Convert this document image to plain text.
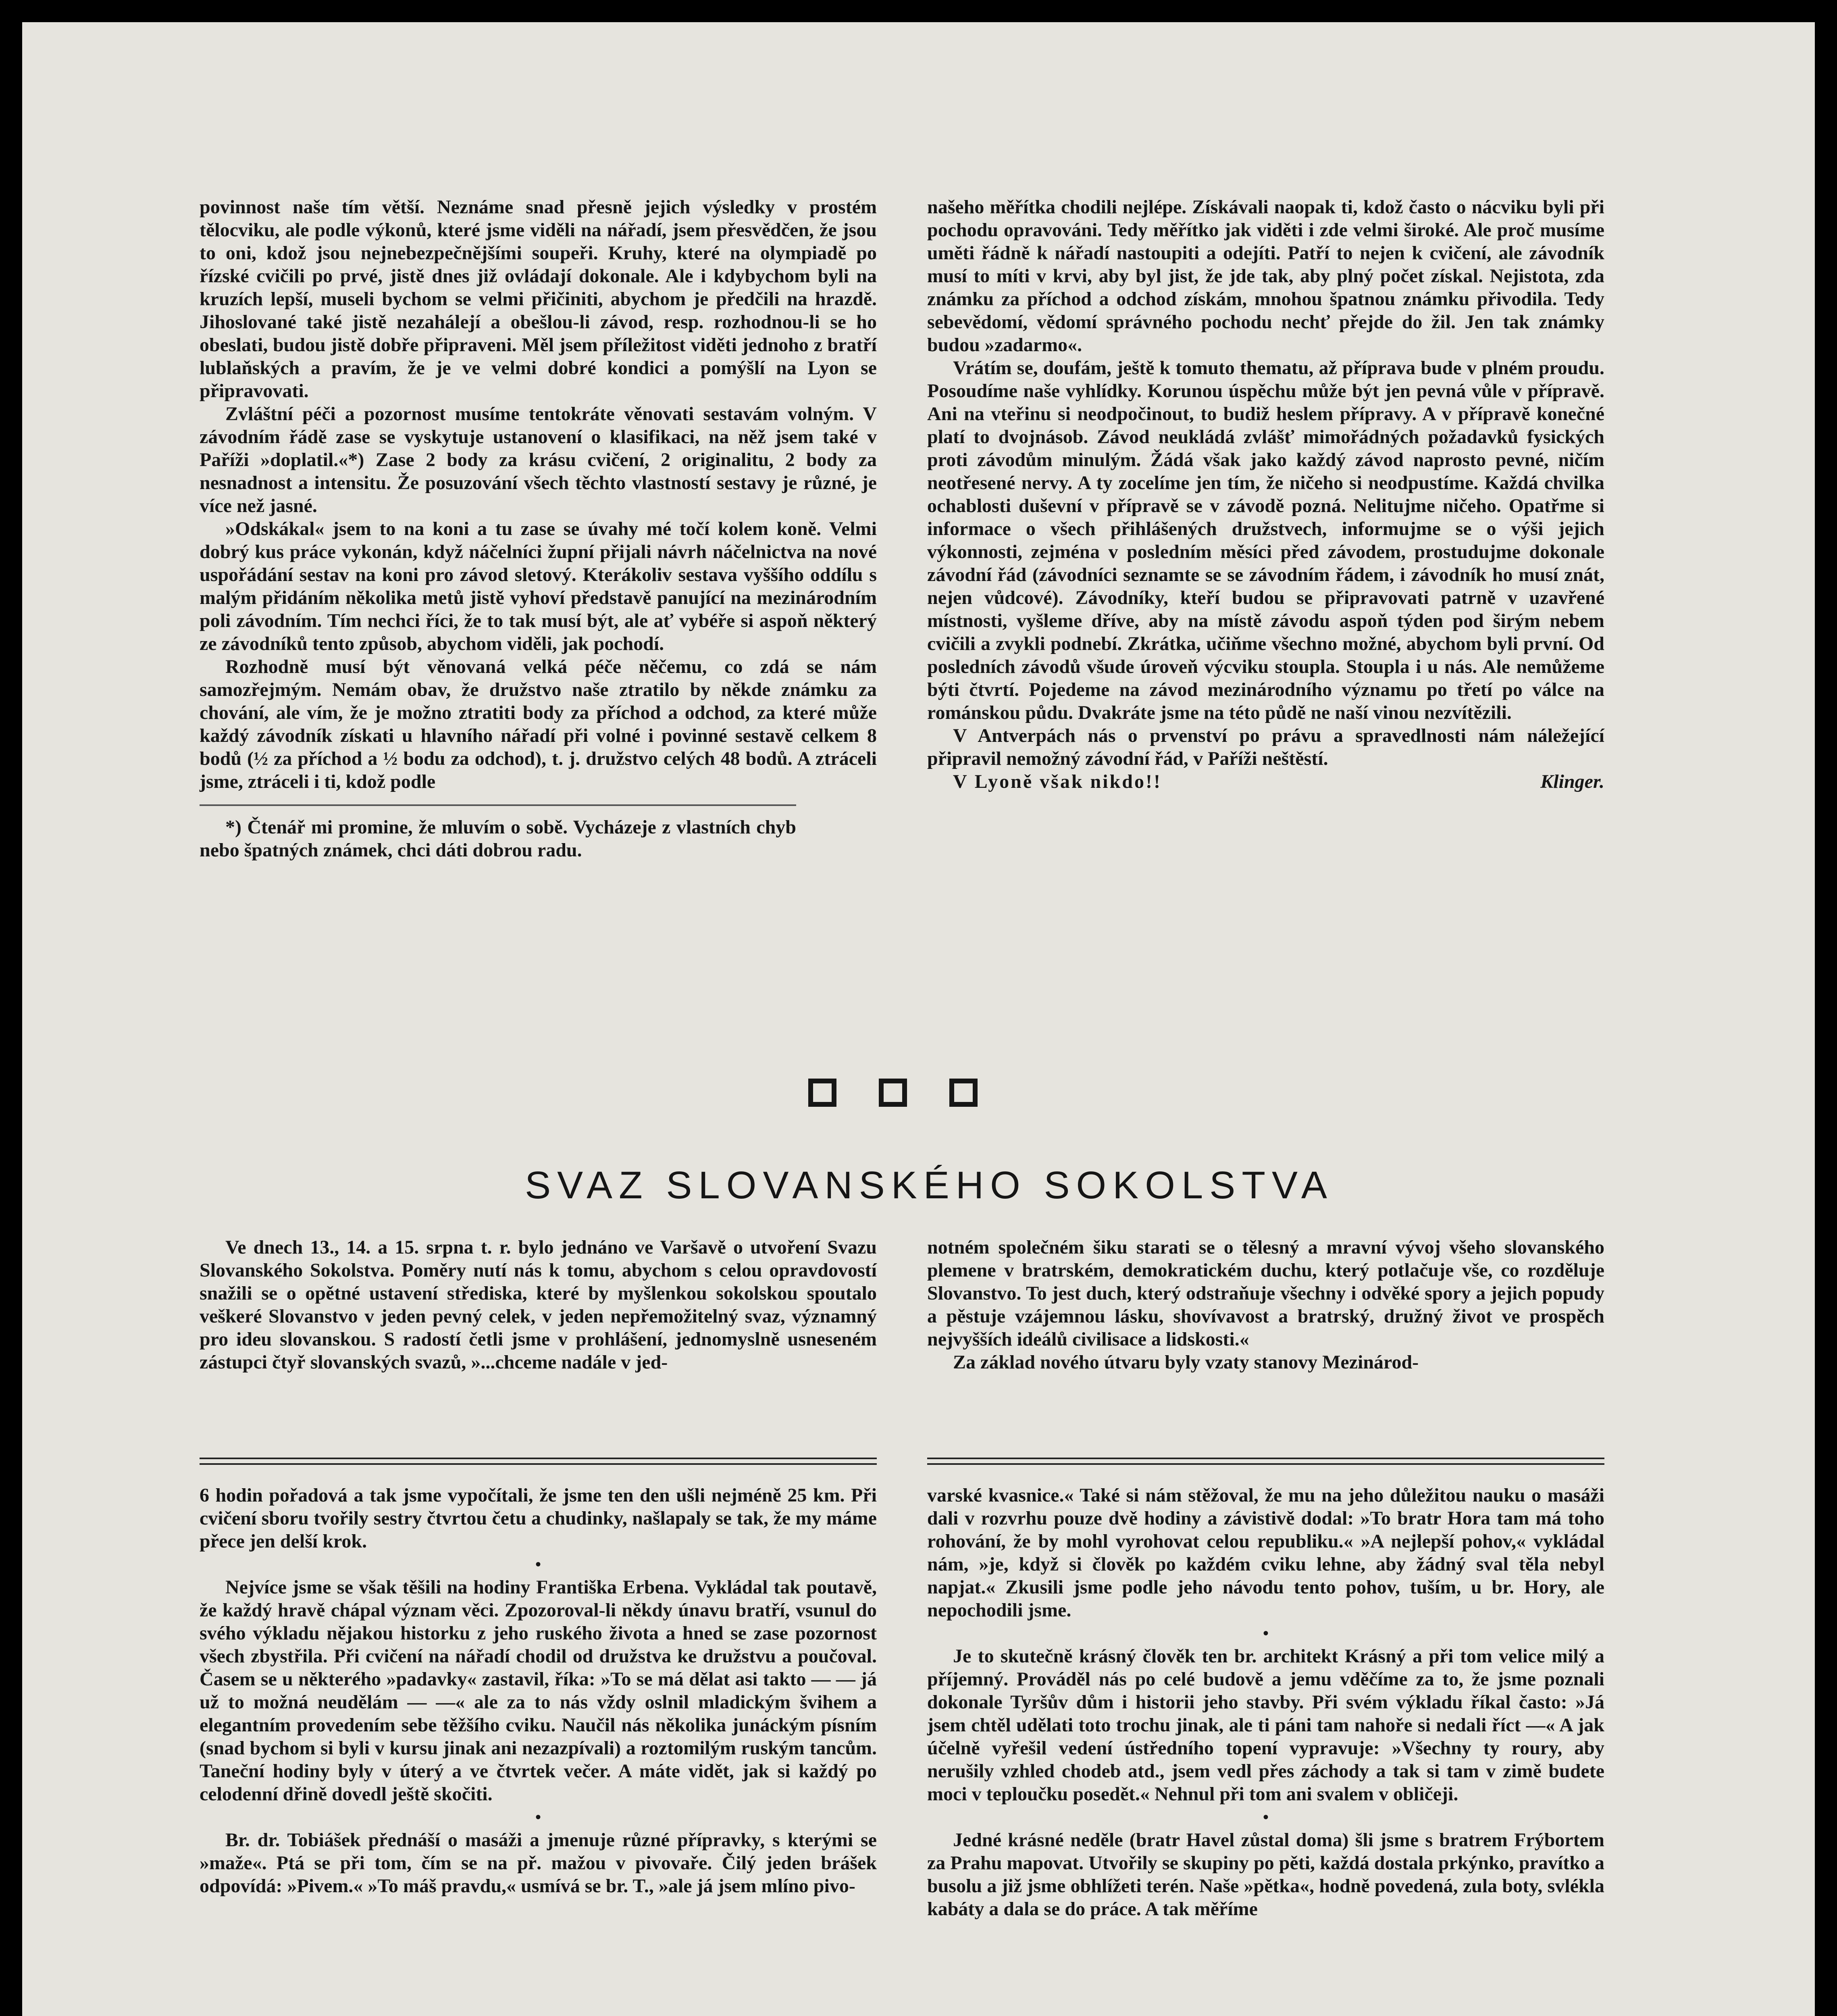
povinnost naše tím větší. Neznáme snad přesně jejich výsledky v prostém tělocviku, ale podle výkonů, které jsme viděli na nářadí, jsem přesvědčen, že jsou to oni, kdož jsou nejnebezpečnějšími soupeři. Kruhy, které na olympiadě po řízské cvičili po prvé, jistě dnes již ovládají dokonale. Ale i kdybychom byli na kruzích lepší, museli bychom se velmi přičiniti, abychom je předčili na hrazdě. Jihoslované také jistě nezahálejí a obešlou-li závod, resp. rozhodnou-li se ho obeslati, budou jistě dobře připraveni. Měl jsem příležitost viděti jednoho z bratří lublaňských a pravím, že je ve velmi dobré kondici a pomýšlí na Lyon se připravovati.

Zvláštní péči a pozornost musíme tentokráte věnovati sestavám volným. V závodním řádě zase se vyskytuje ustanovení o klasifikaci, na něž jsem také v Paříži »doplatil.«*) Zase 2 body za krásu cvičení, 2 originalitu, 2 body za nesnadnost a intensitu. Že posuzování všech těchto vlastností sestavy je různé, je více než jasné.

»Odskákal« jsem to na koni a tu zase se úvahy mé točí kolem koně. Velmi dobrý kus práce vykonán, když náčelníci župní přijali návrh náčelnictva na nové uspořádání sestav na koni pro závod sletový. Kterákoliv sestava vyššího oddílu s malým přidáním několika metů jistě vyhoví představě panující na mezinárodním poli závodním. Tím nechci říci, že to tak musí být, ale ať vybéře si aspoň některý ze závodníků tento způsob, abychom viděli, jak pochodí.

Rozhodně musí být věnovaná velká péče něčemu, co zdá se nám samozřejmým. Nemám obav, že družstvo naše ztratilo by někde známku za chování, ale vím, že je možno ztratiti body za příchod a odchod, za které může každý závodník získati u hlavního nářadí při volné i povinné sestavě celkem 8 bodů (½ za příchod a ½ bodu za odchod), t. j. družstvo celých 48 bodů. A ztráceli jsme, ztráceli i ti, kdož podle

*) Čtenář mi promine, že mluvím o sobě. Vycházeje z vlastních chyb nebo špatných známek, chci dáti dobrou radu.

našeho měřítka chodili nejlépe. Získávali naopak ti, kdož často o nácviku byli při pochodu opravováni. Tedy měřítko jak viděti i zde velmi široké. Ale proč musíme uměti řádně k nářadí nastoupiti a odejíti. Patří to nejen k cvičení, ale závodník musí to míti v krvi, aby byl jist, že jde tak, aby plný počet získal. Nejistota, zda známku za příchod a odchod získám, mnohou špatnou známku přivodila. Tedy sebevědomí, vědomí správného pochodu nechť přejde do žil. Jen tak známky budou »zadarmo«.

Vrátím se, doufám, ještě k tomuto thematu, až příprava bude v plném proudu. Posoudíme naše vyhlídky. Korunou úspěchu může být jen pevná vůle v přípravě. Ani na vteřinu si neodpočinout, to budiž heslem přípravy. A v přípravě konečné platí to dvojnásob. Závod neukládá zvlášť mimořádných požadavků fysických proti závodům minulým. Žádá však jako každý závod naprosto pevné, ničím neotřesené nervy. A ty zocelíme jen tím, že ničeho si neodpustíme. Každá chvilka ochablosti duševní v přípravě se v závodě pozná. Nelitujme ničeho. Opatřme si informace o všech přihlášených družstvech, informujme se o výši jejich výkonnosti, zejména v posledním měsíci před závodem, prostudujme dokonale závodní řád (závodníci seznamte se se závodním řádem, i závodník ho musí znát, nejen vůdcové). Závodníky, kteří budou se připravovati patrně v uzavřené místnosti, vyšleme dříve, aby na místě závodu aspoň týden pod širým nebem cvičili a zvykli podnebí. Zkrátka, učiňme všechno možné, abychom byli první. Od posledních závodů všude úroveň výcviku stoupla. Stoupla i u nás. Ale nemůžeme býti čtvrtí. Pojedeme na závod mezinárodního významu po třetí po válce na románskou půdu. Dvakráte jsme na této půdě ne naší vinou nezvítězili.

V Antverpách nás o prvenství po právu a spravedlnosti nám náležející připravil nemožný závodní řád, v Paříži neštěstí.

V Lyoně však nikdo!!	Klinger.
SVAZ SLOVANSKÉHO SOKOLSTVA

Ve dnech 13., 14. a 15. srpna t. r. bylo jednáno ve Varšavě o utvoření Svazu Slovanského Sokolstva. Poměry nutí nás k tomu, abychom s celou opravdovostí snažili se o opětné ustavení střediska, které by myšlenkou sokolskou spoutalo veškeré Slovanstvo v jeden pevný celek, v jeden nepřemožitelný svaz, významný pro ideu slovanskou. S radostí četli jsme v prohlášení, jednomyslně usneseném zástupci čtyř slovanských svazů, »...chceme nadále v jed-

notném společném šiku starati se o tělesný a mravní vývoj všeho slovanského plemene v bratrském, demokratickém duchu, který potlačuje vše, co rozděluje Slovanstvo. To jest duch, který odstraňuje všechny i odvěké spory a jejich popudy a pěstuje vzájemnou lásku, shovívavost a bratrský, družný život ve prospěch nejvyšších ideálů civilisace a lidskosti.«

Za základ nového útvaru byly vzaty stanovy Mezinárod-

6 hodin pořadová a tak jsme vypočítali, že jsme ten den ušli nejméně 25 km. Při cvičení sboru tvořily sestry čtvrtou četu a chudinky, našlapaly se tak, že my máme přece jen delší krok.

•

Nejvíce jsme se však těšili na hodiny Františka Erbena. Vykládal tak poutavě, že každý hravě chápal význam věci. Zpozoroval-li někdy únavu bratří, vsunul do svého výkladu nějakou historku z jeho ruského života a hned se zase pozornost všech zbystřila. Při cvičení na nářadí chodil od družstva ke družstvu a poučoval. Časem se u některého »padavky« zastavil, říka: »To se má dělat asi takto — — já už to možná neudělám — —« ale za to nás vždy oslnil mladickým švihem a elegantním provedením sebe těžšího cviku. Naučil nás několika junáckým písním (snad bychom si byli v kursu jinak ani nezazpívali) a roztomilým ruským tancům. Taneční hodiny byly v úterý a ve čtvrtek večer. A máte vidět, jak si každý po celodenní dřině dovedl ještě skočiti.

•

Br. dr. Tobiášek přednáší o masáži a jmenuje různé přípravky, s kterými se »maže«. Ptá se při tom, čím se na př. mažou v pivovaře. Čilý jeden brášek odpovídá: »Pivem.« »To máš pravdu,« usmívá se br. T., »ale já jsem mlíno pivo-

varské kvasnice.« Také si nám stěžoval, že mu na jeho důležitou nauku o masáži dali v rozvrhu pouze dvě hodiny a závistivě dodal: »To bratr Hora tam má toho rohování, že by mohl vyrohovat celou republiku.« »A nejlepší pohov,« vykládal nám, »je, když si člověk po každém cviku lehne, aby žádný sval těla nebyl napjat.« Zkusili jsme podle jeho návodu tento pohov, tuším, u br. Hory, ale nepochodili jsme.

•

Je to skutečně krásný člověk ten br. architekt Krásný a při tom velice milý a příjemný. Prováděl nás po celé budově a jemu vděčíme za to, že jsme poznali dokonale Tyršův dům i historii jeho stavby. Při svém výkladu říkal často: »Já jsem chtěl udělati toto trochu jinak, ale ti páni tam nahoře si nedali říct —« A jak účelně vyřešil vedení ústředního topení vypravuje: »Všechny ty roury, aby nerušily vzhled chodeb atd., jsem vedl přes záchody a tak si tam v zimě budete moci v teploučku posedět.« Nehnul při tom ani svalem v obličeji.

•

Jedné krásné neděle (bratr Havel zůstal doma) šli jsme s bratrem Frýbortem za Prahu mapovat. Utvořily se skupiny po pěti, každá dostala prkýnko, pravítko a busolu a již jsme obhlížeti terén. Naše »pětka«, hodně povedená, zula boty, svlékla kabáty a dala se do práce. A tak měříme
